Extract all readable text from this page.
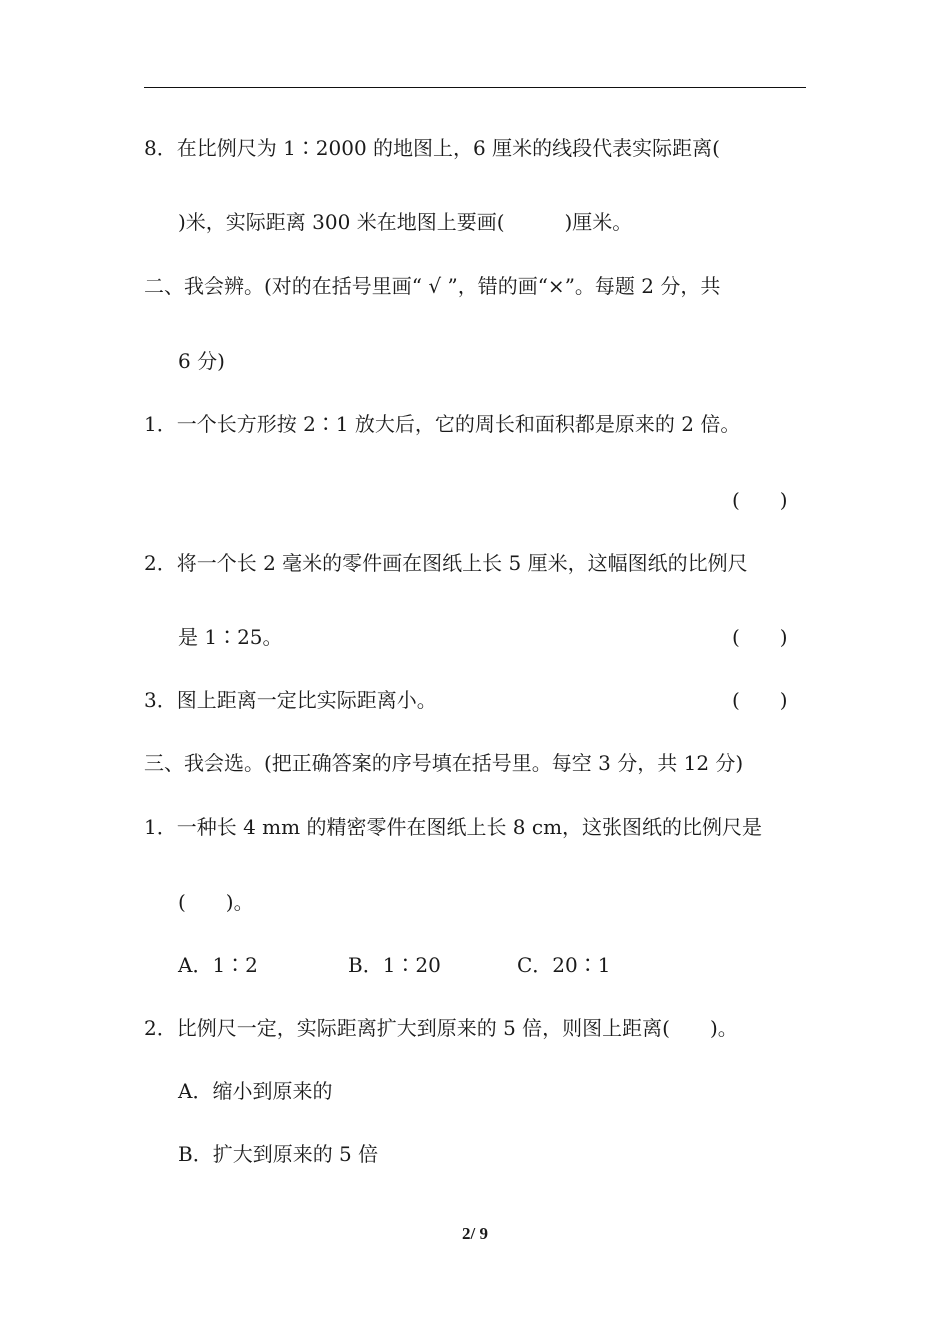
8．在比例尺为 1∶2000 的地图上，6 厘米的线段代表实际距离(
)米，实际距离 300 米在地图上要画(　　　)厘米。
二、我会辨。(对的在括号里画“ √ ”，错的画“×”。每题 2 分，共
6 分)
1．一个长方形按 2∶1 放大后，它的周长和面积都是原来的 2 倍。
(　　)
2．将一个长 2 毫米的零件画在图纸上长 5 厘米，这幅图纸的比例尺
是 1∶25。	(　　)
3．图上距离一定比实际距离小。	(　　)
三、我会选。(把正确答案的序号填在括号里。每空 3 分，共 12 分)
1．一种长 4 mm 的精密零件在图纸上长 8 cm，这张图纸的比例尺是
(　　)。
A．1∶2	B．1∶20	C．20∶1
2．比例尺一定，实际距离扩大到原来的 5 倍，则图上距离(　　)。
A．缩小到原来的
B．扩大到原来的 5 倍
2/ 9
